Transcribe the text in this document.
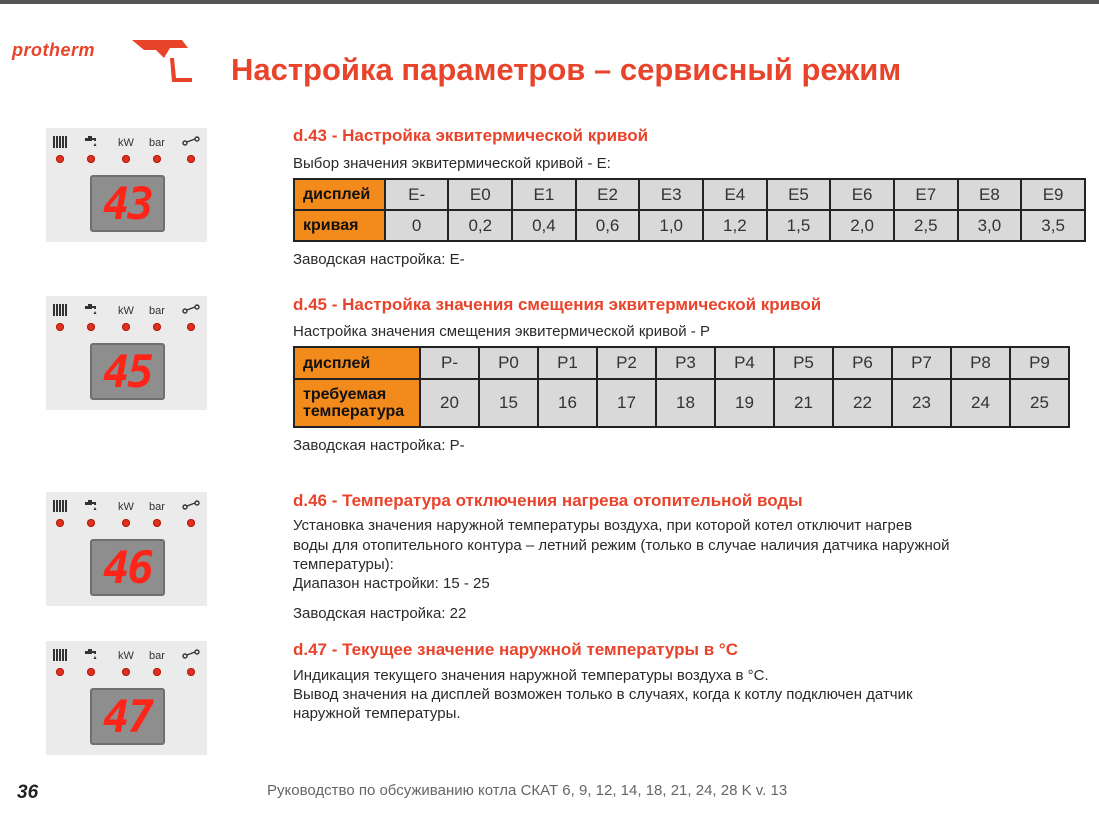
protherm
Настройка параметров – сервисный режим
kW	bar
43
kW	bar
45
kW	bar
46
kW	bar
47
d.43 - Настройка эквитермической кривой
Выбор значения эквитермической кривой - E:
дисплей	E-	E0	E1	E2	E3	E4	E5	E6	E7	E8	E9
кривая	0	0,2	0,4	0,6	1,0	1,2	1,5	2,0	2,5	3,0	3,5
Заводская настройка: E-
d.45 - Настройка значения смещения эквитермической кривой
Настройка значения смещения эквитермической кривой - P
дисплей	P-	P0	P1	P2	P3	P4	P5	P6	P7	P8	P9
требуемая
температура	20	15	16	17	18	19	21	22	23	24	25
Заводская настройка: P-
d.46 - Температура отключения нагрева отопительной воды
Установка значения наружной температуры воздуха, при которой котел отключит нагрев
воды для отопительного контура – летний режим (только в случае наличия датчика наружной
температуры):
Диапазон настройки: 15 - 25
Заводская настройка: 22
d.47 - Текущее значение наружной температуры в °C
Индикация текущего значения наружной температуры воздуха в °C.
Вывод значения на дисплей возможен только в случаях, когда к котлу подключен датчик
наружной температуры.
36	Руководство по обсуживанию котла СКАТ 6, 9, 12, 14, 18, 21, 24, 28 K v. 13
